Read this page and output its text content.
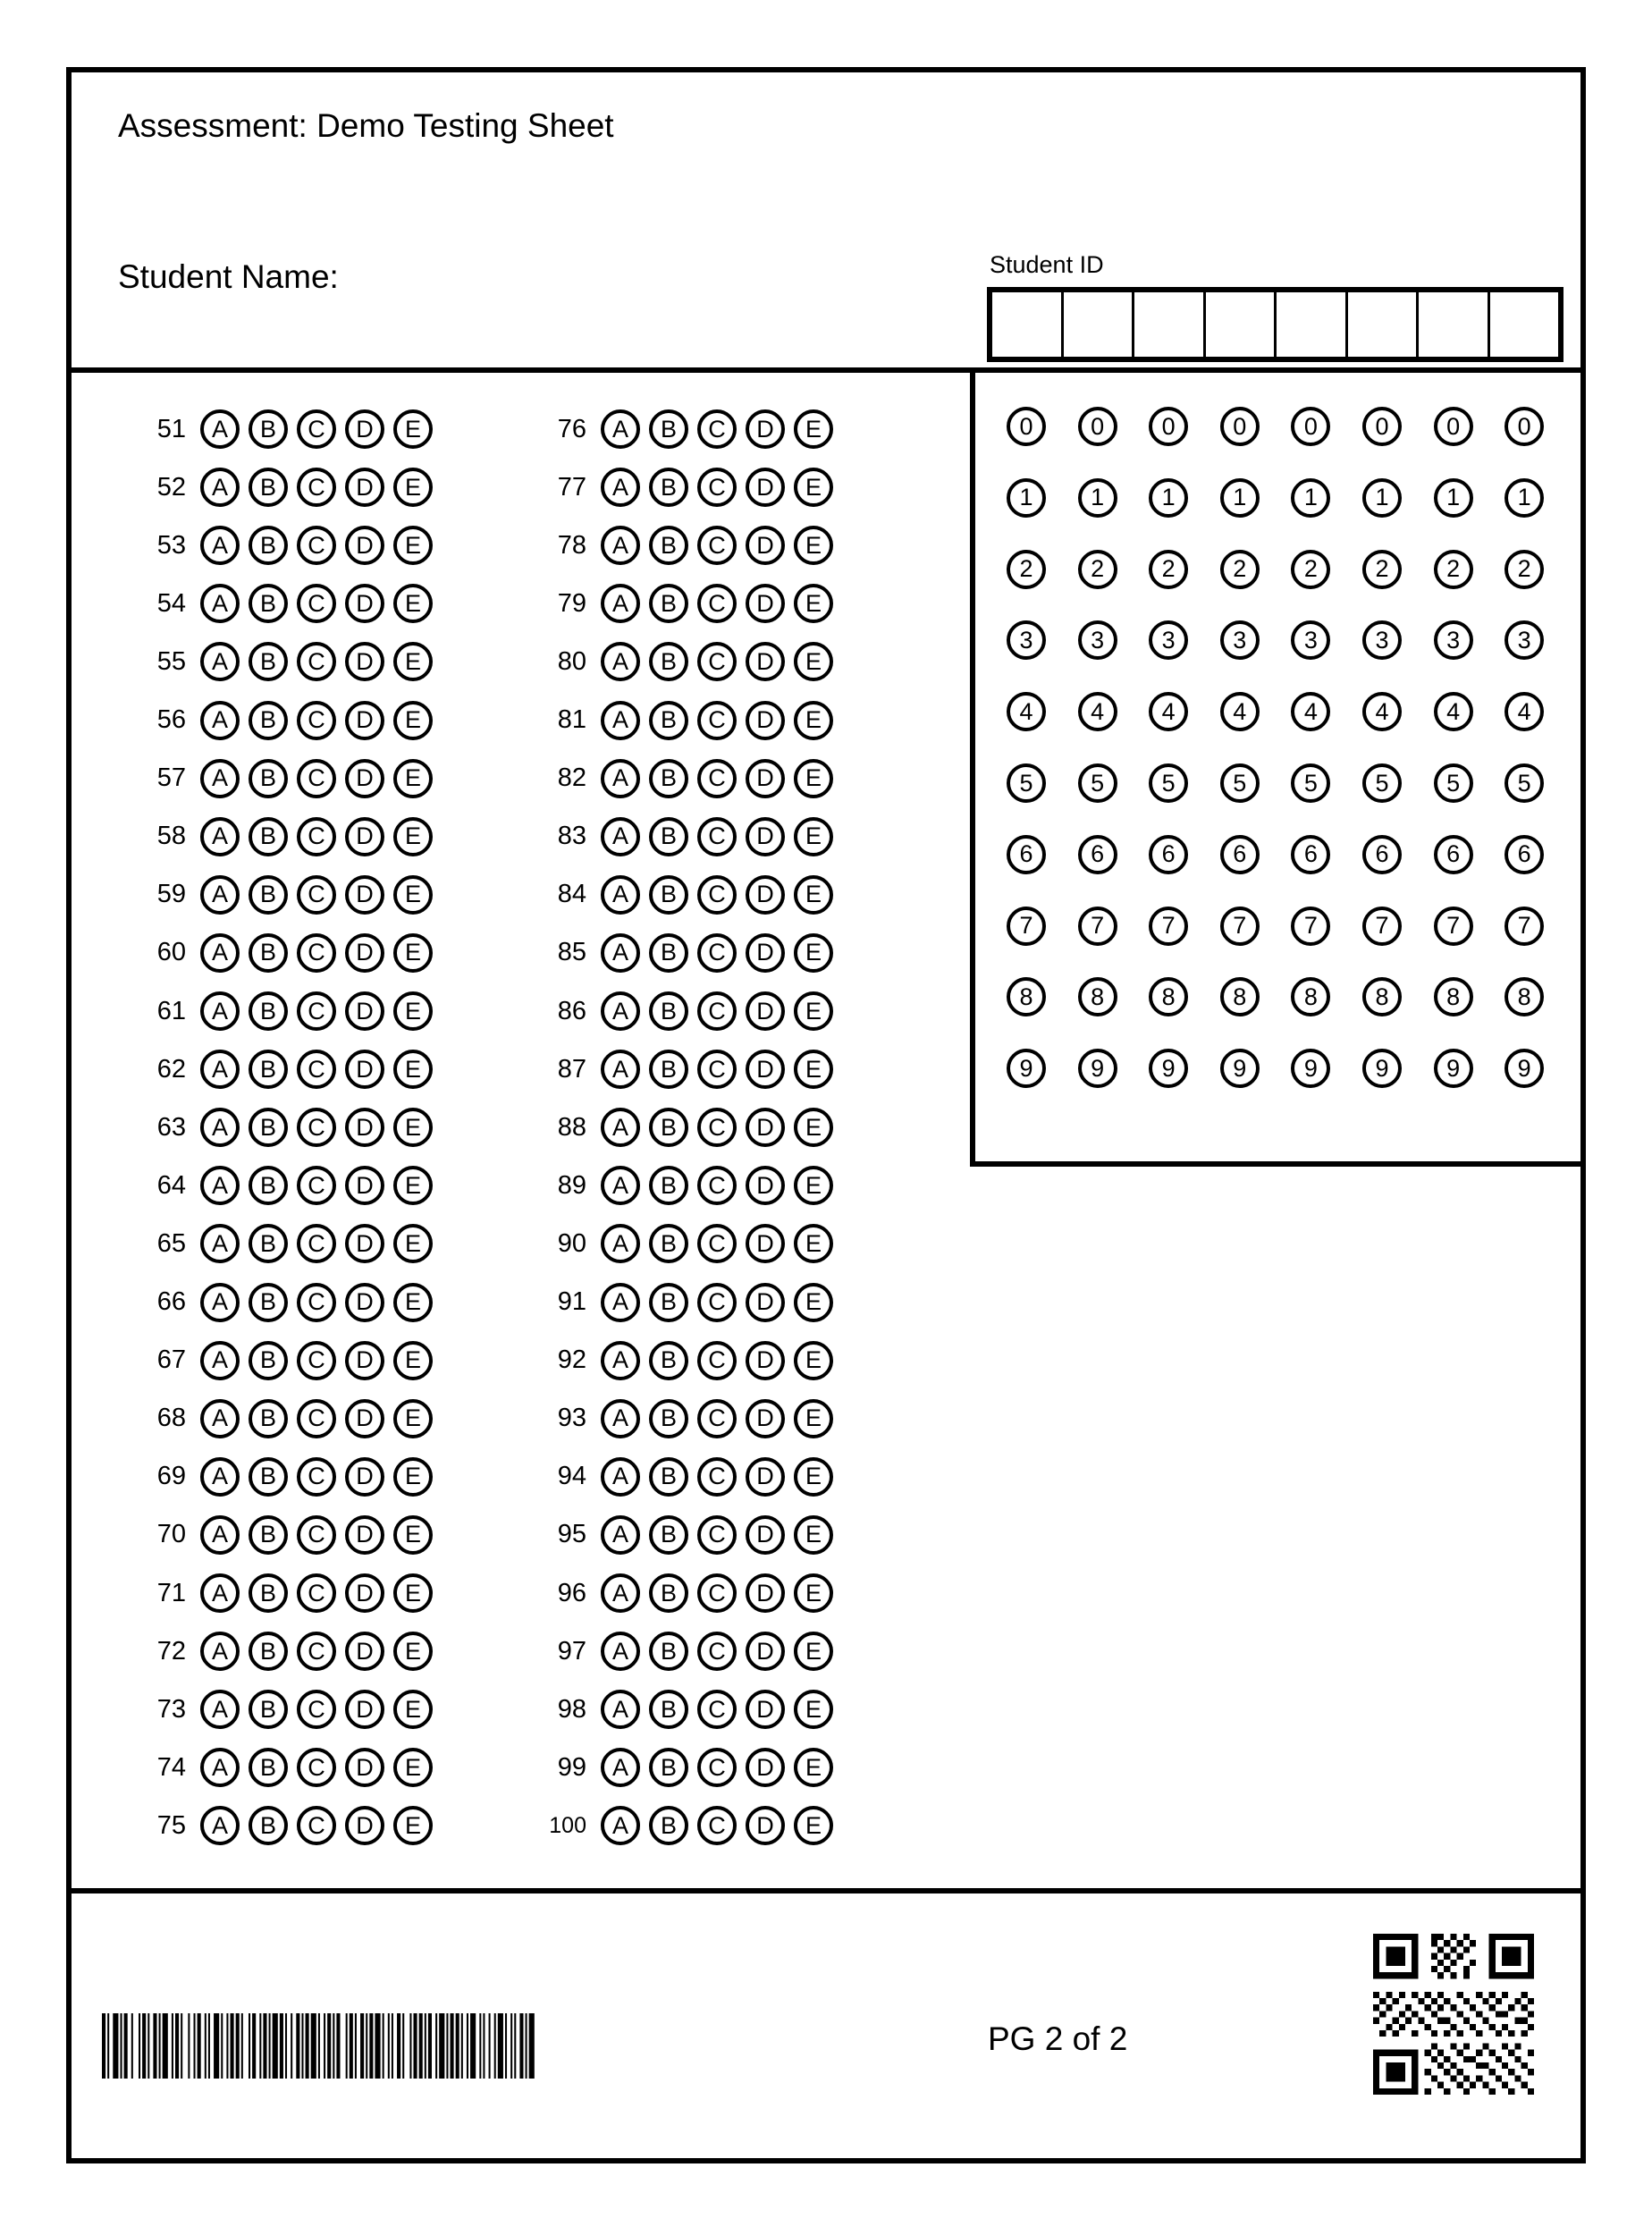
Assessment: Demo Testing Sheet
Student Name:	Student ID
51	A	B	C	D	E
52	A	B	C	D	E
53	A	B	C	D	E
54	A	B	C	D	E
55	A	B	C	D	E
56	A	B	C	D	E
57	A	B	C	D	E
58	A	B	C	D	E
59	A	B	C	D	E
60	A	B	C	D	E
61	A	B	C	D	E
62	A	B	C	D	E
63	A	B	C	D	E
64	A	B	C	D	E
65	A	B	C	D	E
66	A	B	C	D	E
67	A	B	C	D	E
68	A	B	C	D	E
69	A	B	C	D	E
70	A	B	C	D	E
71	A	B	C	D	E
72	A	B	C	D	E
73	A	B	C	D	E
74	A	B	C	D	E
75	A	B	C	D	E
76	A	B	C	D	E
77	A	B	C	D	E
78	A	B	C	D	E
79	A	B	C	D	E
80	A	B	C	D	E
81	A	B	C	D	E
82	A	B	C	D	E
83	A	B	C	D	E
84	A	B	C	D	E
85	A	B	C	D	E
86	A	B	C	D	E
87	A	B	C	D	E
88	A	B	C	D	E
89	A	B	C	D	E
90	A	B	C	D	E
91	A	B	C	D	E
92	A	B	C	D	E
93	A	B	C	D	E
94	A	B	C	D	E
95	A	B	C	D	E
96	A	B	C	D	E
97	A	B	C	D	E
98	A	B	C	D	E
99	A	B	C	D	E
100	A	B	C	D	E
0	0	0	0	0	0	0	0
1	1	1	1	1	1	1	1
2	2	2	2	2	2	2	2
3	3	3	3	3	3	3	3
4	4	4	4	4	4	4	4
5	5	5	5	5	5	5	5
6	6	6	6	6	6	6	6
7	7	7	7	7	7	7	7
8	8	8	8	8	8	8	8
9	9	9	9	9	9	9	9
PG 2 of 2
